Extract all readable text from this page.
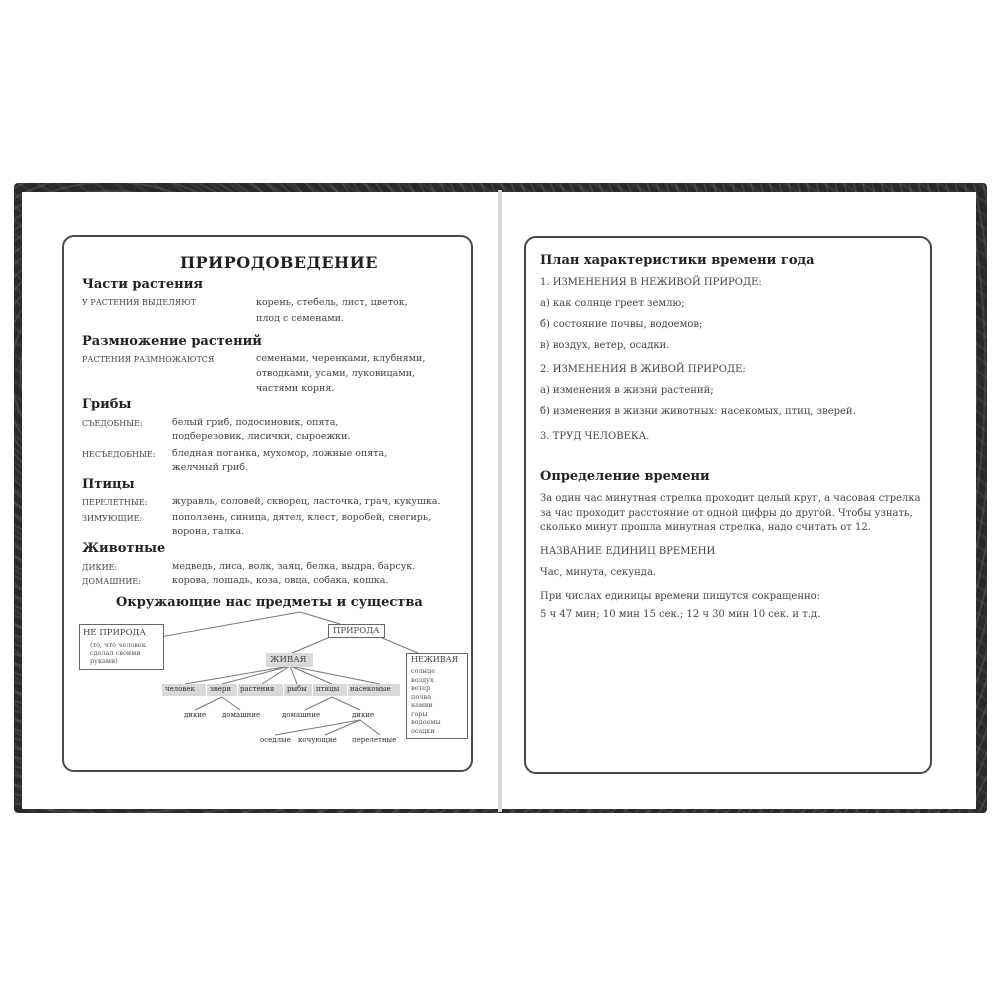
ПРИРОДОВЕДЕНИЕ
Части растения
У РАСТЕНИЯ ВЫДЕЛЯЮТ	корень, стебель, лист, цветок,
плод с семенами.
Размножение растений
РАСТЕНИЯ РАЗМНОЖАЮТСЯ	семенами, черенками, клубнями,
отводками, усами, луковицами,
частями корня.
Грибы
СЪЕДОБНЫЕ:	белый гриб, подосиновик, опята,
подберезовик, лисички, сыроежки.
НЕСЪЕДОБНЫЕ: бледная поганка, мухомор, ложные опята,
желчный гриб.
Птицы
ПЕРЕЛЕТНЫЕ:	журавль, соловей, скворец, ласточка, грач, кукушка.
ЗИМУЮЩИЕ:	поползень, синица, дятел, клест, воробей, снегирь,
ворона, галка.
Животные
ДИКИЕ:	медведь, лиса, волк, заяц, белка, выдра, барсук.
ДОМАШНИЕ:	корова, лошадь, коза, овца, собака, кошка.
Окружающие нас предметы и существа
НЕ ПРИРОДА
(то, что человек
сделал своими
руками)
ПРИРОДА
ЖИВАЯ	НЕЖИВАЯ
солнце
воздух
ветер
почва
камни
горы
водоемы
осадки
человек звери растения рыбы птицы насекомые
дикие домашние	домашние	дикие
оседлые кочующие перелетные
План характеристики времени года
1. ИЗМЕНЕНИЯ В НЕЖИВОЙ ПРИРОДЕ:
а) как солнце греет землю;
б) состояние почвы, водоемов;
в) воздух, ветер, осадки.
2. ИЗМЕНЕНИЯ В ЖИВОЙ ПРИРОДЕ:
а) изменения в жизни растений;
б) изменения в жизни животных: насекомых, птиц, зверей.
3. ТРУД ЧЕЛОВЕКА.
Определение времени
За один час минутная стрелка проходит целый круг, а часовая стрелка
за час проходит расстояние от одной цифры до другой. Чтобы узнать,
сколько минут прошла минутная стрелка, надо считать от 12.
НАЗВАНИЕ ЕДИНИЦ ВРЕМЕНИ
Час, минута, секунда.
При числах единицы времени пишутся сокращенно:
5 ч 47 мин; 10 мин 15 сек.; 12 ч 30 мин 10 сек. и т.д.
